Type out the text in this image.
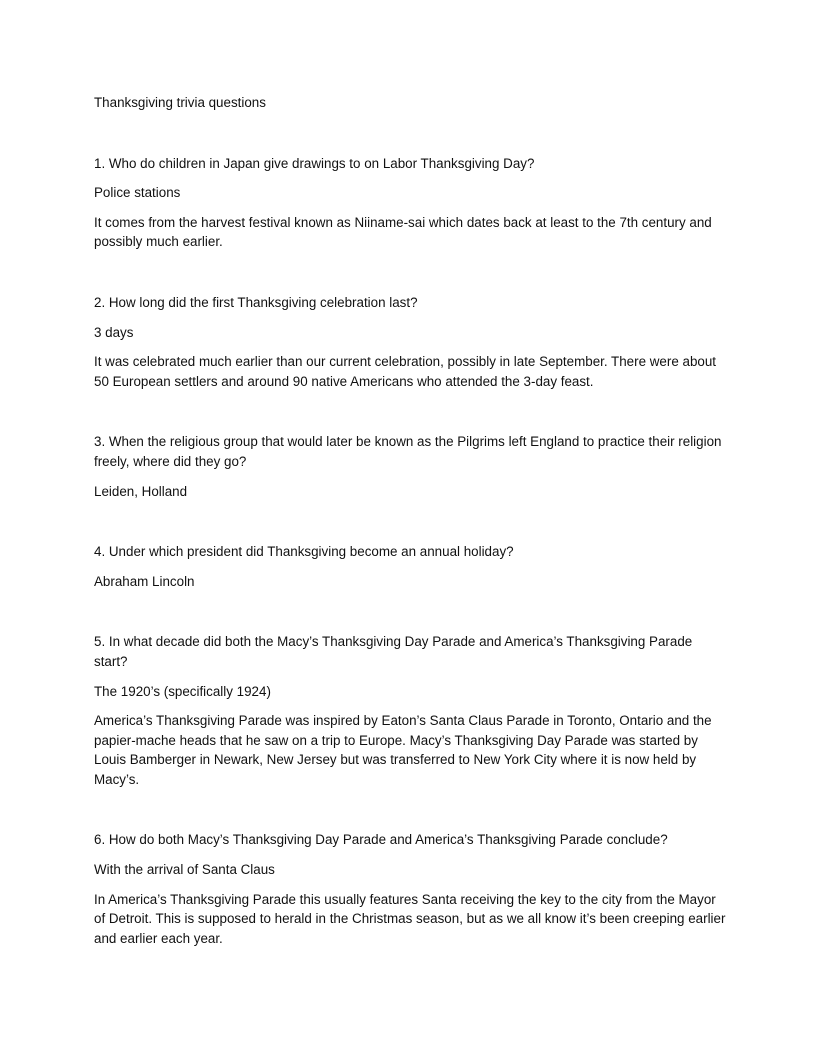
Thanksgiving trivia questions

1. Who do children in Japan give drawings to on Labor Thanksgiving Day?

Police stations

It comes from the harvest festival known as Niiname-sai which dates back at least to the 7th century and possibly much earlier.

2. How long did the first Thanksgiving celebration last?

3 days

It was celebrated much earlier than our current celebration, possibly in late September. There were about 50 European settlers and around 90 native Americans who attended the 3-day feast.

3. When the religious group that would later be known as the Pilgrims left England to practice their religion freely, where did they go?

Leiden, Holland

4. Under which president did Thanksgiving become an annual holiday?

Abraham Lincoln

5. In what decade did both the Macy’s Thanksgiving Day Parade and America’s Thanksgiving Parade start?

The 1920’s (specifically 1924)

America’s Thanksgiving Parade was inspired by Eaton’s Santa Claus Parade in Toronto, Ontario and the papier-mache heads that he saw on a trip to Europe. Macy’s Thanksgiving Day Parade was started by Louis Bamberger in Newark, New Jersey but was transferred to New York City where it is now held by Macy’s.

6. How do both Macy’s Thanksgiving Day Parade and America’s Thanksgiving Parade conclude?

With the arrival of Santa Claus

In America’s Thanksgiving Parade this usually features Santa receiving the key to the city from the Mayor of Detroit. This is supposed to herald in the Christmas season, but as we all know it’s been creeping earlier and earlier each year.
